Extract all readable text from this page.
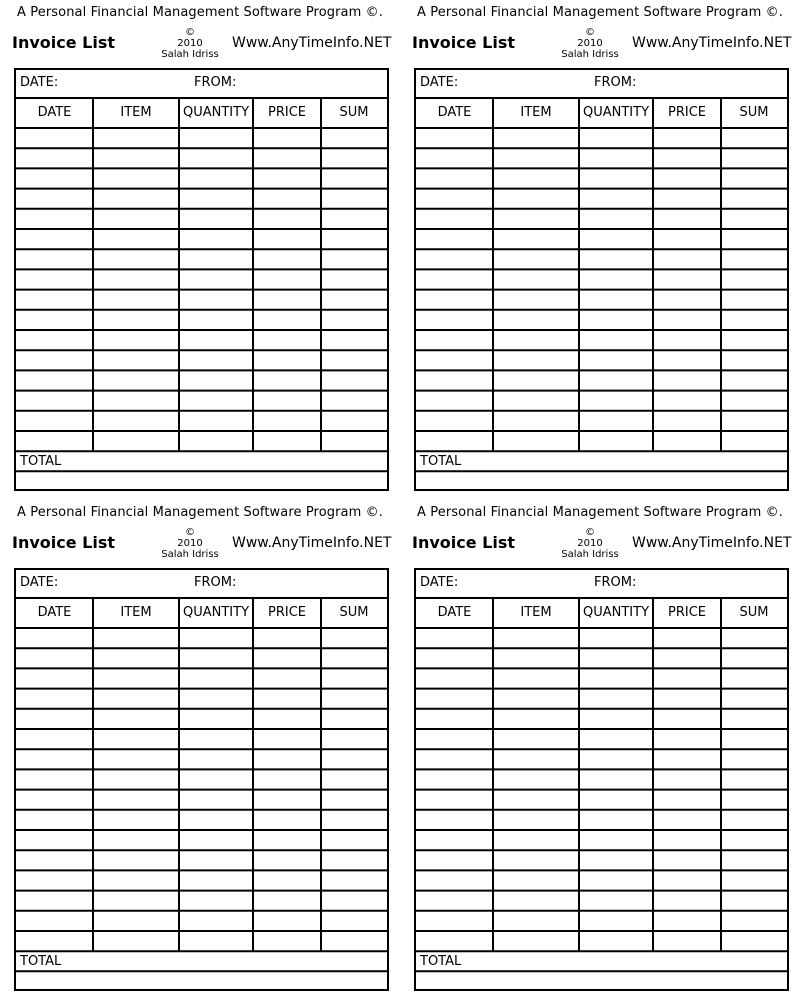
A Personal Financial Management Software Program ©.
Invoice List
©
2010
Salah Idriss
Www.AnyTimeInfo.NET
DATE:	FROM:
DATE	ITEM	QUANTITY	PRICE	SUM
TOTAL
A Personal Financial Management Software Program ©.
Invoice List
©
2010
Salah Idriss
Www.AnyTimeInfo.NET
DATE:	FROM:
DATE	ITEM	QUANTITY	PRICE	SUM
TOTAL
A Personal Financial Management Software Program ©.
Invoice List
©
2010
Salah Idriss
Www.AnyTimeInfo.NET
DATE:	FROM:
DATE	ITEM	QUANTITY	PRICE	SUM
TOTAL
A Personal Financial Management Software Program ©.
Invoice List
©
2010
Salah Idriss
Www.AnyTimeInfo.NET
DATE:	FROM:
DATE	ITEM	QUANTITY	PRICE	SUM
TOTAL
